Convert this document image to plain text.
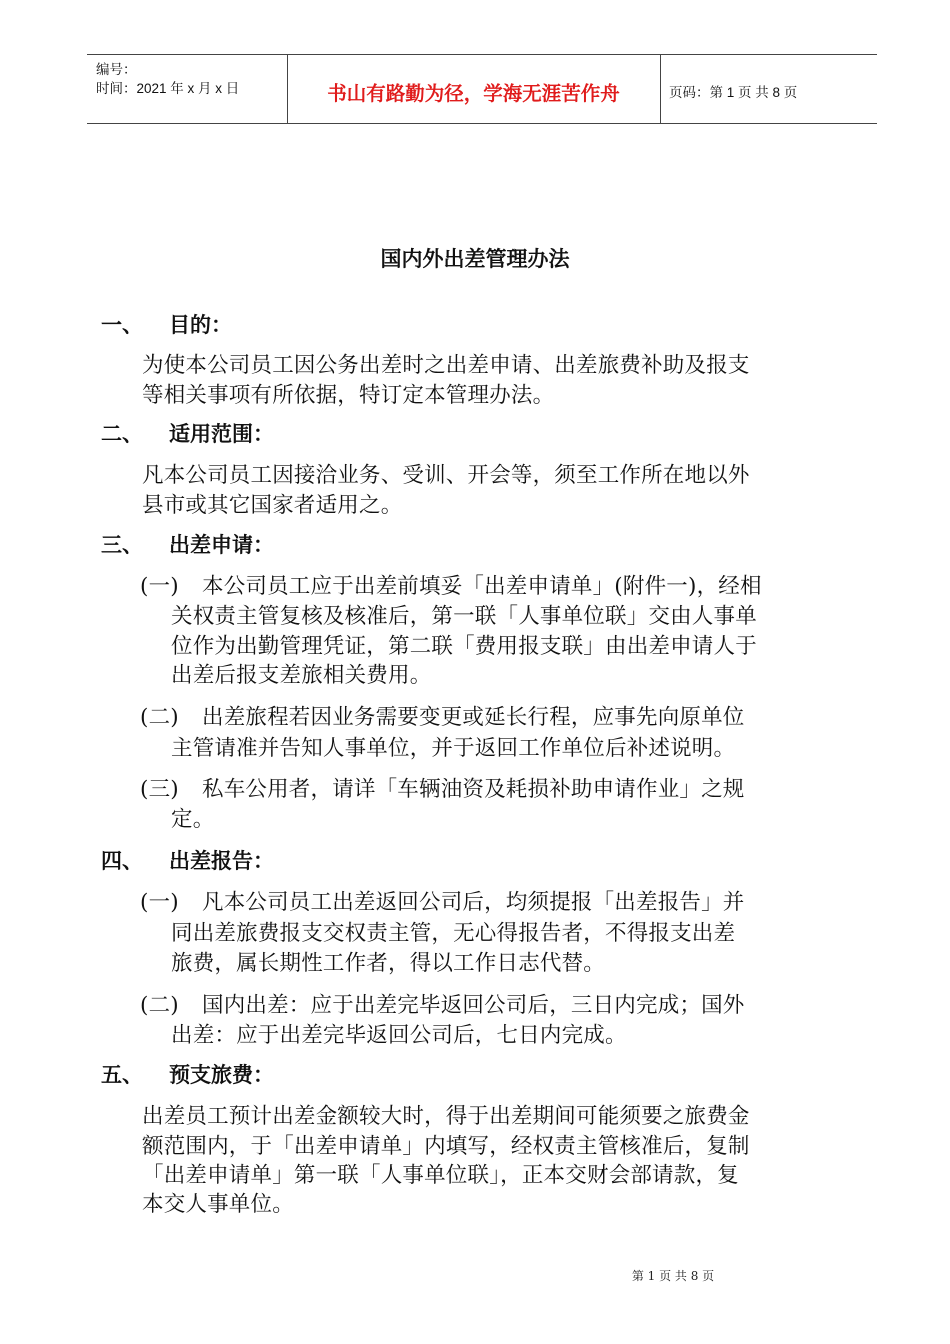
编号：
时间：2021 年 x 月 x 日	书山有路勤为径，学海无涯苦作舟	页码：第 1 页 共 8 页
国内外出差管理办法
一、 目的：
为使本公司员工因公务出差时之出差申请、出差旅费补助及报支
等相关事项有所依据，特订定本管理办法。
二、 适用范围：
凡本公司员工因接洽业务、受训、开会等，须至工作所在地以外
县市或其它国家者适用之。
三、 出差申请：
(一) 本公司员工应于出差前填妥「出差申请单」(附件一)，经相
关权责主管复核及核准后，第一联「人事单位联」交由人事单
位作为出勤管理凭证，第二联「费用报支联」由出差申请人于
出差后报支差旅相关费用。
(二) 出差旅程若因业务需要变更或延长行程，应事先向原单位
主管请准并告知人事单位，并于返回工作单位后补述说明。
(三) 私车公用者，请详「车辆油资及耗损补助申请作业」之规
定。
四、 出差报告：
(一) 凡本公司员工出差返回公司后，均须提报「出差报告」并
同出差旅费报支交权责主管，无心得报告者，不得报支出差
旅费，属长期性工作者，得以工作日志代替。
(二) 国内出差：应于出差完毕返回公司后，三日内完成；国外
出差：应于出差完毕返回公司后，七日内完成。
五、 预支旅费：
出差员工预计出差金额较大时，得于出差期间可能须要之旅费金
额范围内，于「出差申请单」内填写，经权责主管核准后，复制
「出差申请单」第一联「人事单位联」，正本交财会部请款，复
本交人事单位。
第 1 页 共 8 页
